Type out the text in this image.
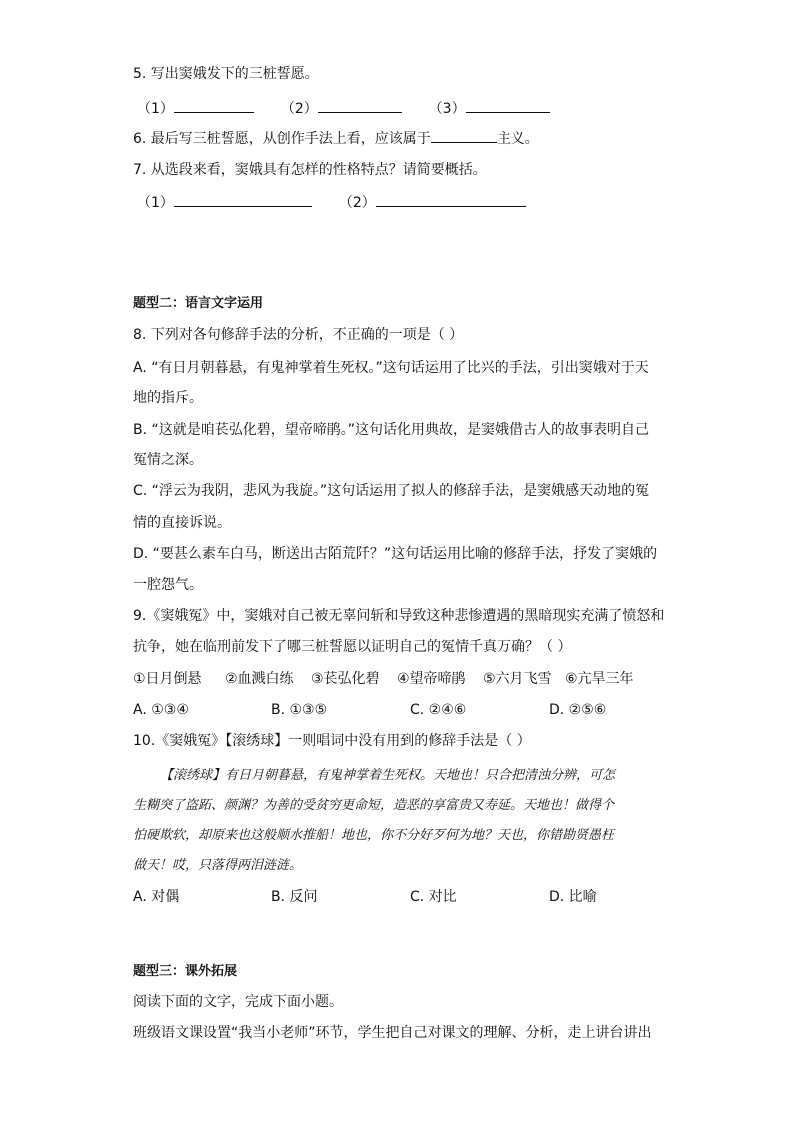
5. 写出窦娥发下的三桩誓愿。
（1）	（2）	（3）
6. 最后写三桩誓愿，从创作手法上看，应该属于	主义。
7. 从选段来看，窦娥具有怎样的性格特点？请简要概括。
（1）	（2）
题型二：语言文字运用
8. 下列对各句修辞手法的分析，不正确的一项是（ ）
A. “有日月朝暮悬，有鬼神掌着生死权。”这句话运用了比兴的手法，引出窦娥对于天
地的指斥。
B. “这就是咱苌弘化碧，望帝啼鹃。”这句话化用典故，是窦娥借古人的故事表明自己
冤情之深。
C. “浮云为我阴，悲风为我旋。”这句话运用了拟人的修辞手法，是窦娥感天动地的冤
情的直接诉说。
D. “要甚么素车白马，断送出古陌荒阡？”这句话运用比喻的修辞手法，抒发了窦娥的
一腔怨气。
9.《窦娥冤》中，窦娥对自己被无辜问斩和导致这种悲惨遭遇的黑暗现实充满了愤怒和
抗争，她在临刑前发下了哪三桩誓愿以证明自己的冤情千真万确？（ ）
①日月倒悬 ②血溅白练 ③苌弘化碧 ④望帝啼鹃 ⑤六月飞雪 ⑥亢旱三年
A. ①③④	B. ①③⑤	C. ②④⑥	D. ②⑤⑥
10.《窦娥冤》【滚绣球】一则唱词中没有用到的修辞手法是（ ）
【滚绣球】有日月朝暮悬，有鬼神掌着生死权。天地也！只合把清浊分辨，可怎
生糊突了盗跖、颜渊？为善的受贫穷更命短，造恶的享富贵又寿延。天地也！做得个
怕硬欺软，却原来也这般顺水推船！地也，你不分好歹何为地？天也，你错勘贤愚枉
做天！哎，只落得两泪涟涟。
A. 对偶	B. 反问	C. 对比	D. 比喻
题型三：课外拓展
阅读下面的文字，完成下面小题。
班级语文课设置“我当小老师”环节，学生把自己对课文的理解、分析，走上讲台讲出
